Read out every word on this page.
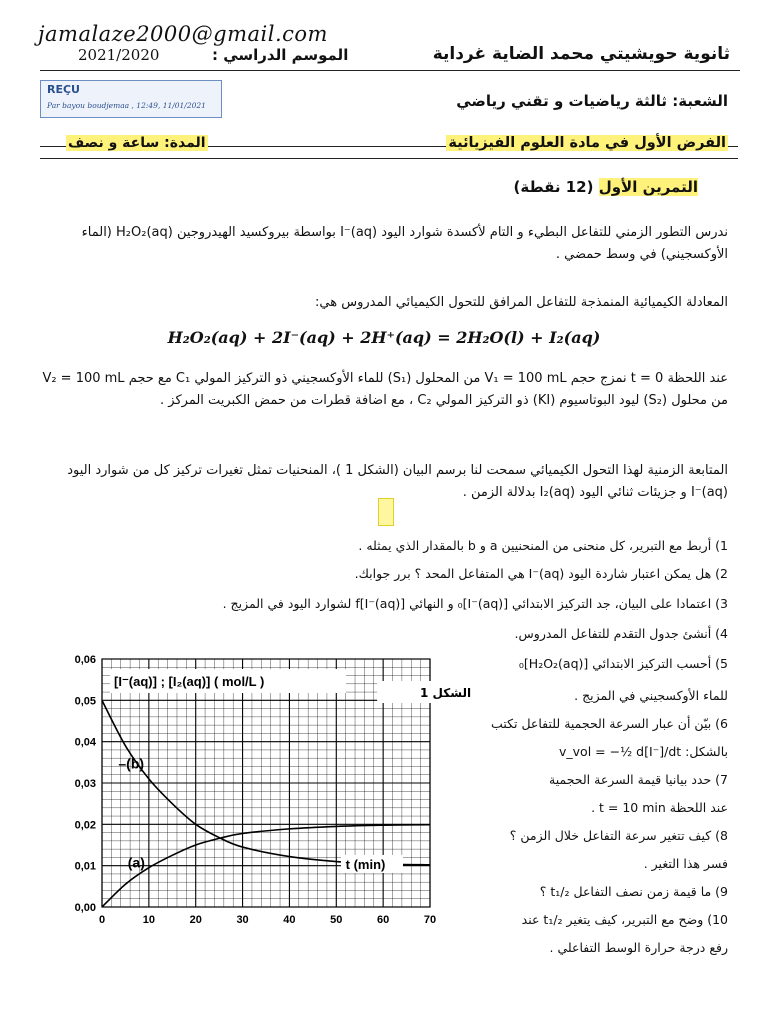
jamalaze2000@gmail.com
ثانوية حويشيتي محمد الضاية غرداية
الموسم الدراسي :
2021/2020
REÇU
Par bayou boudjemaa , 12:49, 11/01/2021	الشعبة: ثالثة رياضيات و تقني رياضي
الفرض الأول في مادة العلوم الفيزيائية
المدة: ساعة و نصف
التمرين الأول (12 نقطة)
ندرس التطور الزمني للتفاعل البطيء و التام لأكسدة شوارد اليود I⁻(aq) بواسطة بيروكسيد الهيدروجين H₂O₂(aq) (الماء الأوكسجيني) في وسط حمضي .
المعادلة الكيميائية المنمذجة للتفاعل المرافق للتحول الكيميائي المدروس هي:
H₂O₂(aq) + 2I⁻(aq) + 2H⁺(aq) = 2H₂O(l) + I₂(aq)
عند اللحظة t = 0 نمزج حجم V₁ = 100 mL من المحلول (S₁) للماء الأوكسجيني ذو التركيز المولي C₁ مع حجم V₂ = 100 mL من محلول (S₂) ليود البوتاسيوم (KI) ذو التركيز المولي C₂ ، مع اضافة قطرات من حمض الكبريت المركز .
المتابعة الزمنية لهذا التحول الكيميائي سمحت لنا برسم البيان (الشكل 1 )، المنحنيات تمثل تغيرات تركيز كل من شوارد اليود I⁻(aq) و جزيئات ثنائي اليود I₂(aq) بدلالة الزمن .
1) أربط مع التبرير، كل منحنى من المنحنيين a و b بالمقدار الذي يمثله .
2) هل يمكن اعتبار شاردة اليود I⁻(aq) هي المتفاعل المحد ؟ برر جوابك.
3) اعتمادا على البيان، جد التركيز الابتدائي [I⁻(aq)]₀ و النهائي [I⁻(aq)]f لشوارد اليود في المزيج .
4) أنشئ جدول التقدم للتفاعل المدروس.
5) أحسب التركيز الابتدائي [H₂O₂(aq)]₀
للماء الأوكسجيني في المزيج .
6) بيّن أن عبار السرعة الحجمية للتفاعل تكتب
بالشكل: v_vol = −½ d[I⁻]/dt
7) حدد بيانيا قيمة السرعة الحجمية
عند اللحظة t = 10 min .
8) كيف تتغير سرعة التفاعل خلال الزمن ؟
فسر هذا التغير .
9) ما قيمة زمن نصف التفاعل t₁/₂ ؟
10) وضح مع التبرير، كيف يتغير t₁/₂ عند
رفع درجة حرارة الوسط التفاعلي .
0,00
0,01
0,02
0,03
0,04
0,05
0,06
0	10	20	30	40	50	60	70
–(b)
(a)
[I⁻(aq)] ; [I₂(aq)] ( mol/L )
الشكل 1
t (min)
